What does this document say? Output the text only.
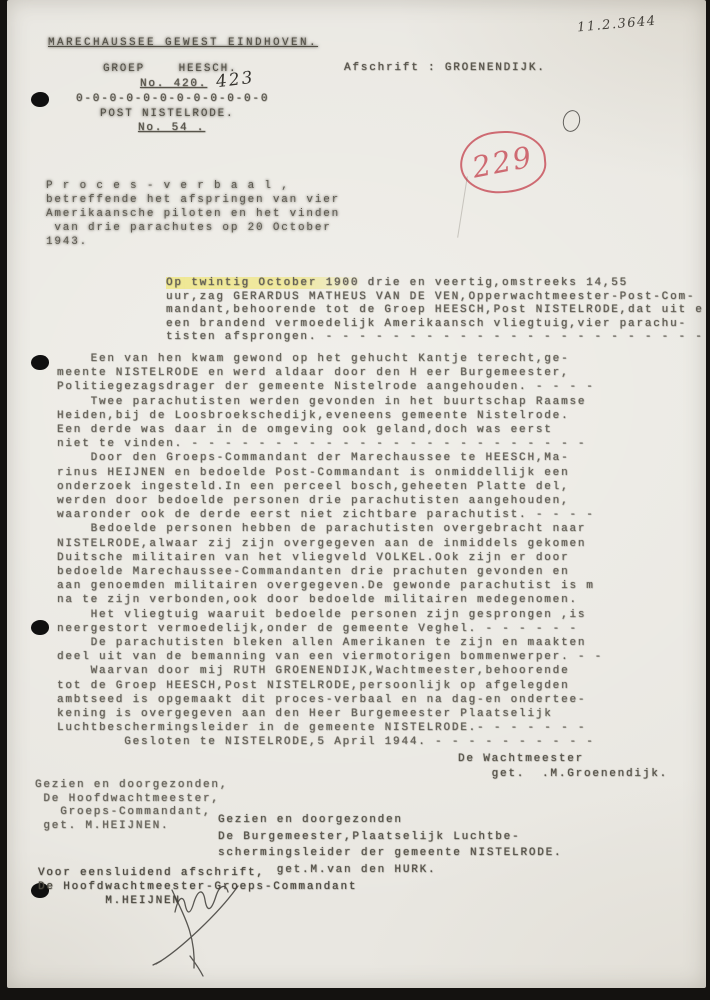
MARECHAUSSEE GEWEST EINDHOVEN.
GROEP    HEESCH.
No. 420. 423
0-0-0-0-0-0-0-0-0-0-0-0
POST NISTELRODE.
No. 54 .
Afschrift : GROENENDIJK.
11.2.3644
229
P r o c e s - v e r b a a l ,
betreffende het afspringen van vier
Amerikaansche piloten en het vinden
van drie parachutes op 20 October
1943.
Op twintig October 1900 drie en veertig,omstreeks 14,55
uur,zag GERARDUS MATHEUS VAN DE VEN,Opperwachtmeester-Post-Com-
mandant,behoorende tot de Groep HEESCH,Post NISTELRODE,dat uit e
een brandend vermoedelijk Amerikaansch vliegtuig,vier parachu-
tisten afsprongen. - - - - - - - - - - - - - - - - - - - - - - -
Een van hen kwam gewond op het gehucht Kantje terecht,ge-
meente NISTELRODE en werd aldaar door den H eer Burgemeester,
Politiegezagsdrager der gemeente Nistelrode aangehouden. - - - -
Twee parachutisten werden gevonden in het buurtschap Raamse
Heiden,bij de Loosbroekschedijk,eveneens gemeente Nistelrode.
Een derde was daar in de omgeving ook geland,doch was eerst
niet te vinden. - - - - - - - - - - - - - - - - - - - - - - - -
Door den Groeps-Commandant der Marechaussee te HEESCH,Ma-
rinus HEIJNEN en bedoelde Post-Commandant is onmiddellijk een
onderzoek ingesteld.In een perceel bosch,geheeten Platte del,
werden door bedoelde personen drie parachutisten aangehouden,
waaronder ook de derde eerst niet zichtbare parachutist. - - - -
Bedoelde personen hebben de parachutisten overgebracht naar
NISTELRODE,alwaar zij zijn overgegeven aan de inmiddels gekomen
Duitsche militairen van het vliegveld VOLKEL.Ook zijn er door
bedoelde Marechaussee-Commandanten drie prachuten gevonden en
aan genoemden militairen overgegeven.De gewonde parachutist is m
na te zijn verbonden,ook door bedoelde militairen medegenomen.
Het vliegtuig waaruit bedoelde personen zijn gesprongen ,is
neergestort vermoedelijk,onder de gemeente Veghel. - - - - - -
De parachutisten bleken allen Amerikanen te zijn en maakten
deel uit van de bemanning van een viermotorigen bommenwerper. - -
Waarvan door mij RUTH GROENENDIJK,Wachtmeester,behoorende
tot de Groep HEESCH,Post NISTELRODE,persoonlijk op afgelegden
ambtseed is opgemaakt dit proces-verbaal en na dag-en ondertee-
kening is overgegeven aan den Heer Burgemeester Plaatselijk
Luchtbeschermingsleider in de gemeente NISTELRODE.- - - - - - -
Gesloten te NISTELRODE,5 April 1944. - - - - - - - - - -
De Wachtmeester
get.  .M.Groenendijk.
Gezien en doorgezonden,
De Hoofdwachtmeester,
Groeps-Commandant,
get. M.HEIJNEN.	Gezien en doorgezonden
De Burgemeester,Plaatselijk Luchtbe-
schermingsleider der gemeente NISTELRODE.
get.M.van den HURK.
Voor eensluidend afschrift,
De Hoofdwachtmeester-Groeps-Commandant
M.HEIJNEN
